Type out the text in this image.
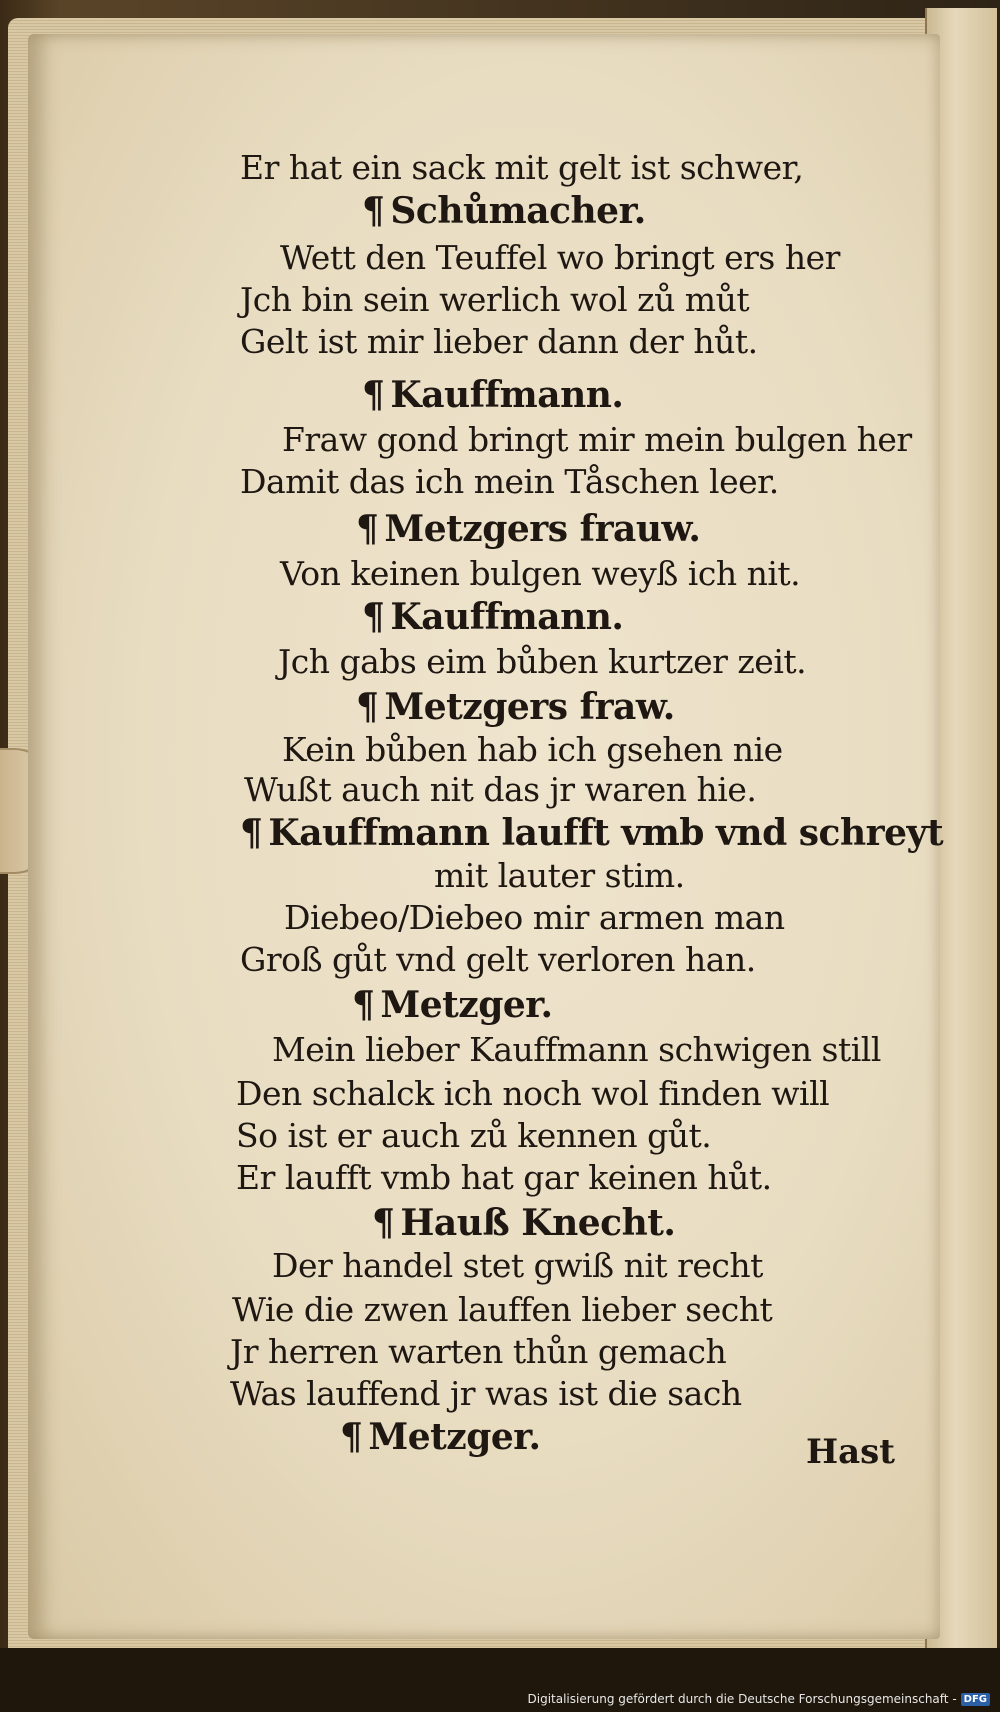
Er hat ein sack mit gelt ist schwer,
¶ Schůmacher.
Wett den Teuffel wo bringt ers her
Jch bin sein werlich wol zů můt
Gelt ist mir lieber dann der hůt.
¶ Kauffmann.
Fraw gond bringt mir mein bulgen her
Damit das ich mein Tåschen leer.
¶ Metzgers frauw.
Von keinen bulgen weyß ich nit.
¶ Kauffmann.
Jch gabs eim bůben kurtzer zeit.
¶ Metzgers fraw.
Kein bůben hab ich gsehen nie
Wußt auch nit das jr waren hie.
¶ Kauffmann laufft vmb vnd schreyt
mit lauter stim.
Diebeo/Diebeo mir armen man
Groß gůt vnd gelt verloren han.
¶ Metzger.
Mein lieber Kauffmann schwigen still
Den schalck ich noch wol finden will
So ist er auch zů kennen gůt.
Er laufft vmb hat gar keinen hůt.
¶ Hauß Knecht.
Der handel stet gwiß nit recht
Wie die zwen lauffen lieber secht
Jr herren warten thůn gemach
Was lauffend jr was ist die sach
¶ Metzger.	Hast
Digitalisierung gefördert durch die Deutsche Forschungsgemeinschaft - DFG
